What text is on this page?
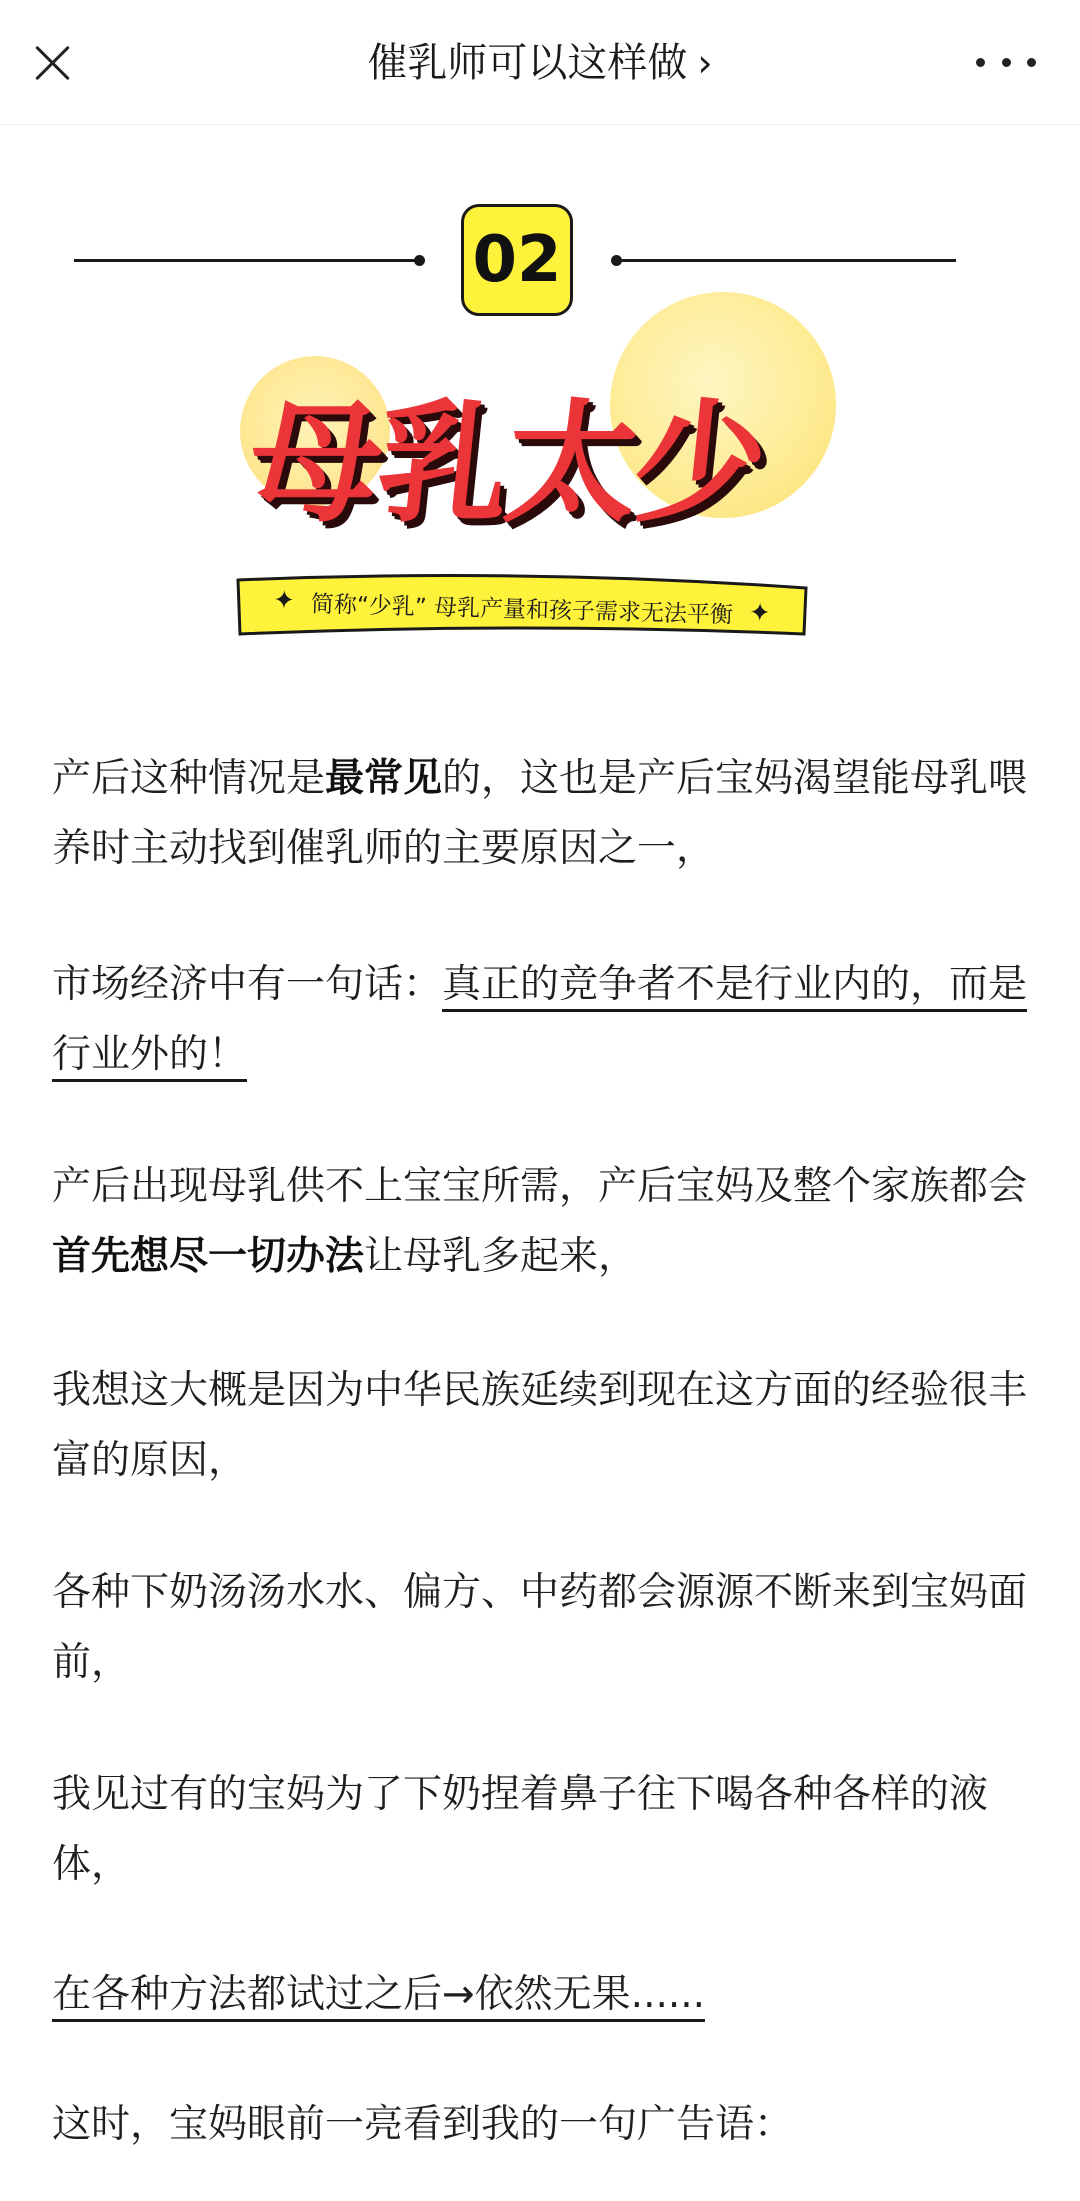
催乳师可以这样做 ›
02
母乳太少
✦ 简称“少乳” 母乳产量和孩子需求无法平衡 ✦

产后这种情况是最常见的，这也是产后宝妈渴望能母乳喂养时主动找到催乳师的主要原因之一，

市场经济中有一句话：真正的竞争者不是行业内的，而是行业外的！

产后出现母乳供不上宝宝所需，产后宝妈及整个家族都会首先想尽一切办法让母乳多起来，

我想这大概是因为中华民族延续到现在这方面的经验很丰富的原因，

各种下奶汤汤水水、偏方、中药都会源源不断来到宝妈面前，

我见过有的宝妈为了下奶捏着鼻子往下喝各种各样的液体，

在各种方法都试过之后→依然无果......

这时，宝妈眼前一亮看到我的一句广告语：
